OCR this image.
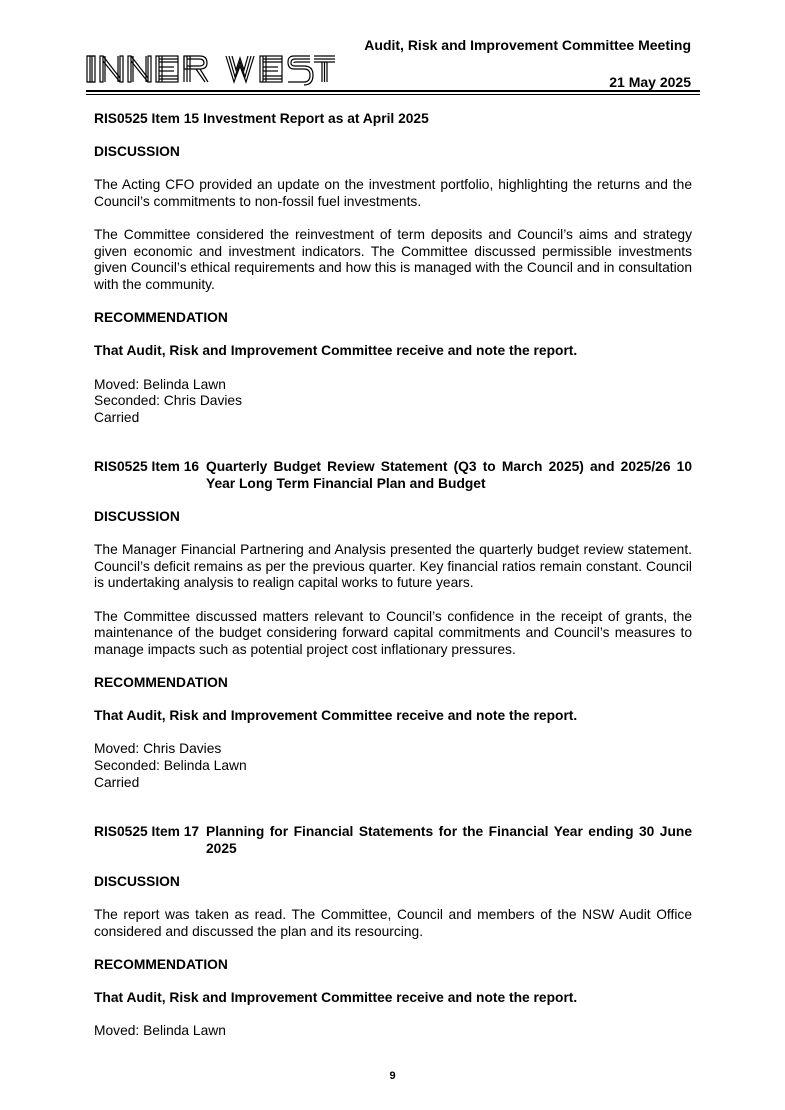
Audit, Risk and Improvement Committee Meeting
21 May 2025
RIS0525 Item 15 Investment Report as at April 2025
DISCUSSION

The Acting CFO provided an update on the investment portfolio, highlighting the returns and the Council’s commitments to non-fossil fuel investments.

The Committee considered the reinvestment of term deposits and Council’s aims and strategy given economic and investment indicators. The Committee discussed permissible investments given Council’s ethical requirements and how this is managed with the Council and in consultation with the community.

RECOMMENDATION
That Audit, Risk and Improvement Committee receive and note the report.
Moved: Belinda Lawn
Seconded: Chris Davies
Carried
RIS0525 Item 16 Quarterly Budget Review Statement (Q3 to March 2025) and 2025/26 10 Year Long Term Financial Plan and Budget
DISCUSSION

The Manager Financial Partnering and Analysis presented the quarterly budget review statement. Council’s deficit remains as per the previous quarter. Key financial ratios remain constant. Council is undertaking analysis to realign capital works to future years.

The Committee discussed matters relevant to Council’s confidence in the receipt of grants, the maintenance of the budget considering forward capital commitments and Council’s measures to manage impacts such as potential project cost inflationary pressures.

RECOMMENDATION
That Audit, Risk and Improvement Committee receive and note the report.
Moved: Chris Davies
Seconded: Belinda Lawn
Carried
RIS0525 Item 17 Planning for Financial Statements for the Financial Year ending 30 June 2025
DISCUSSION

The report was taken as read. The Committee, Council and members of the NSW Audit Office considered and discussed the plan and its resourcing.

RECOMMENDATION
That Audit, Risk and Improvement Committee receive and note the report.
Moved: Belinda Lawn
9
